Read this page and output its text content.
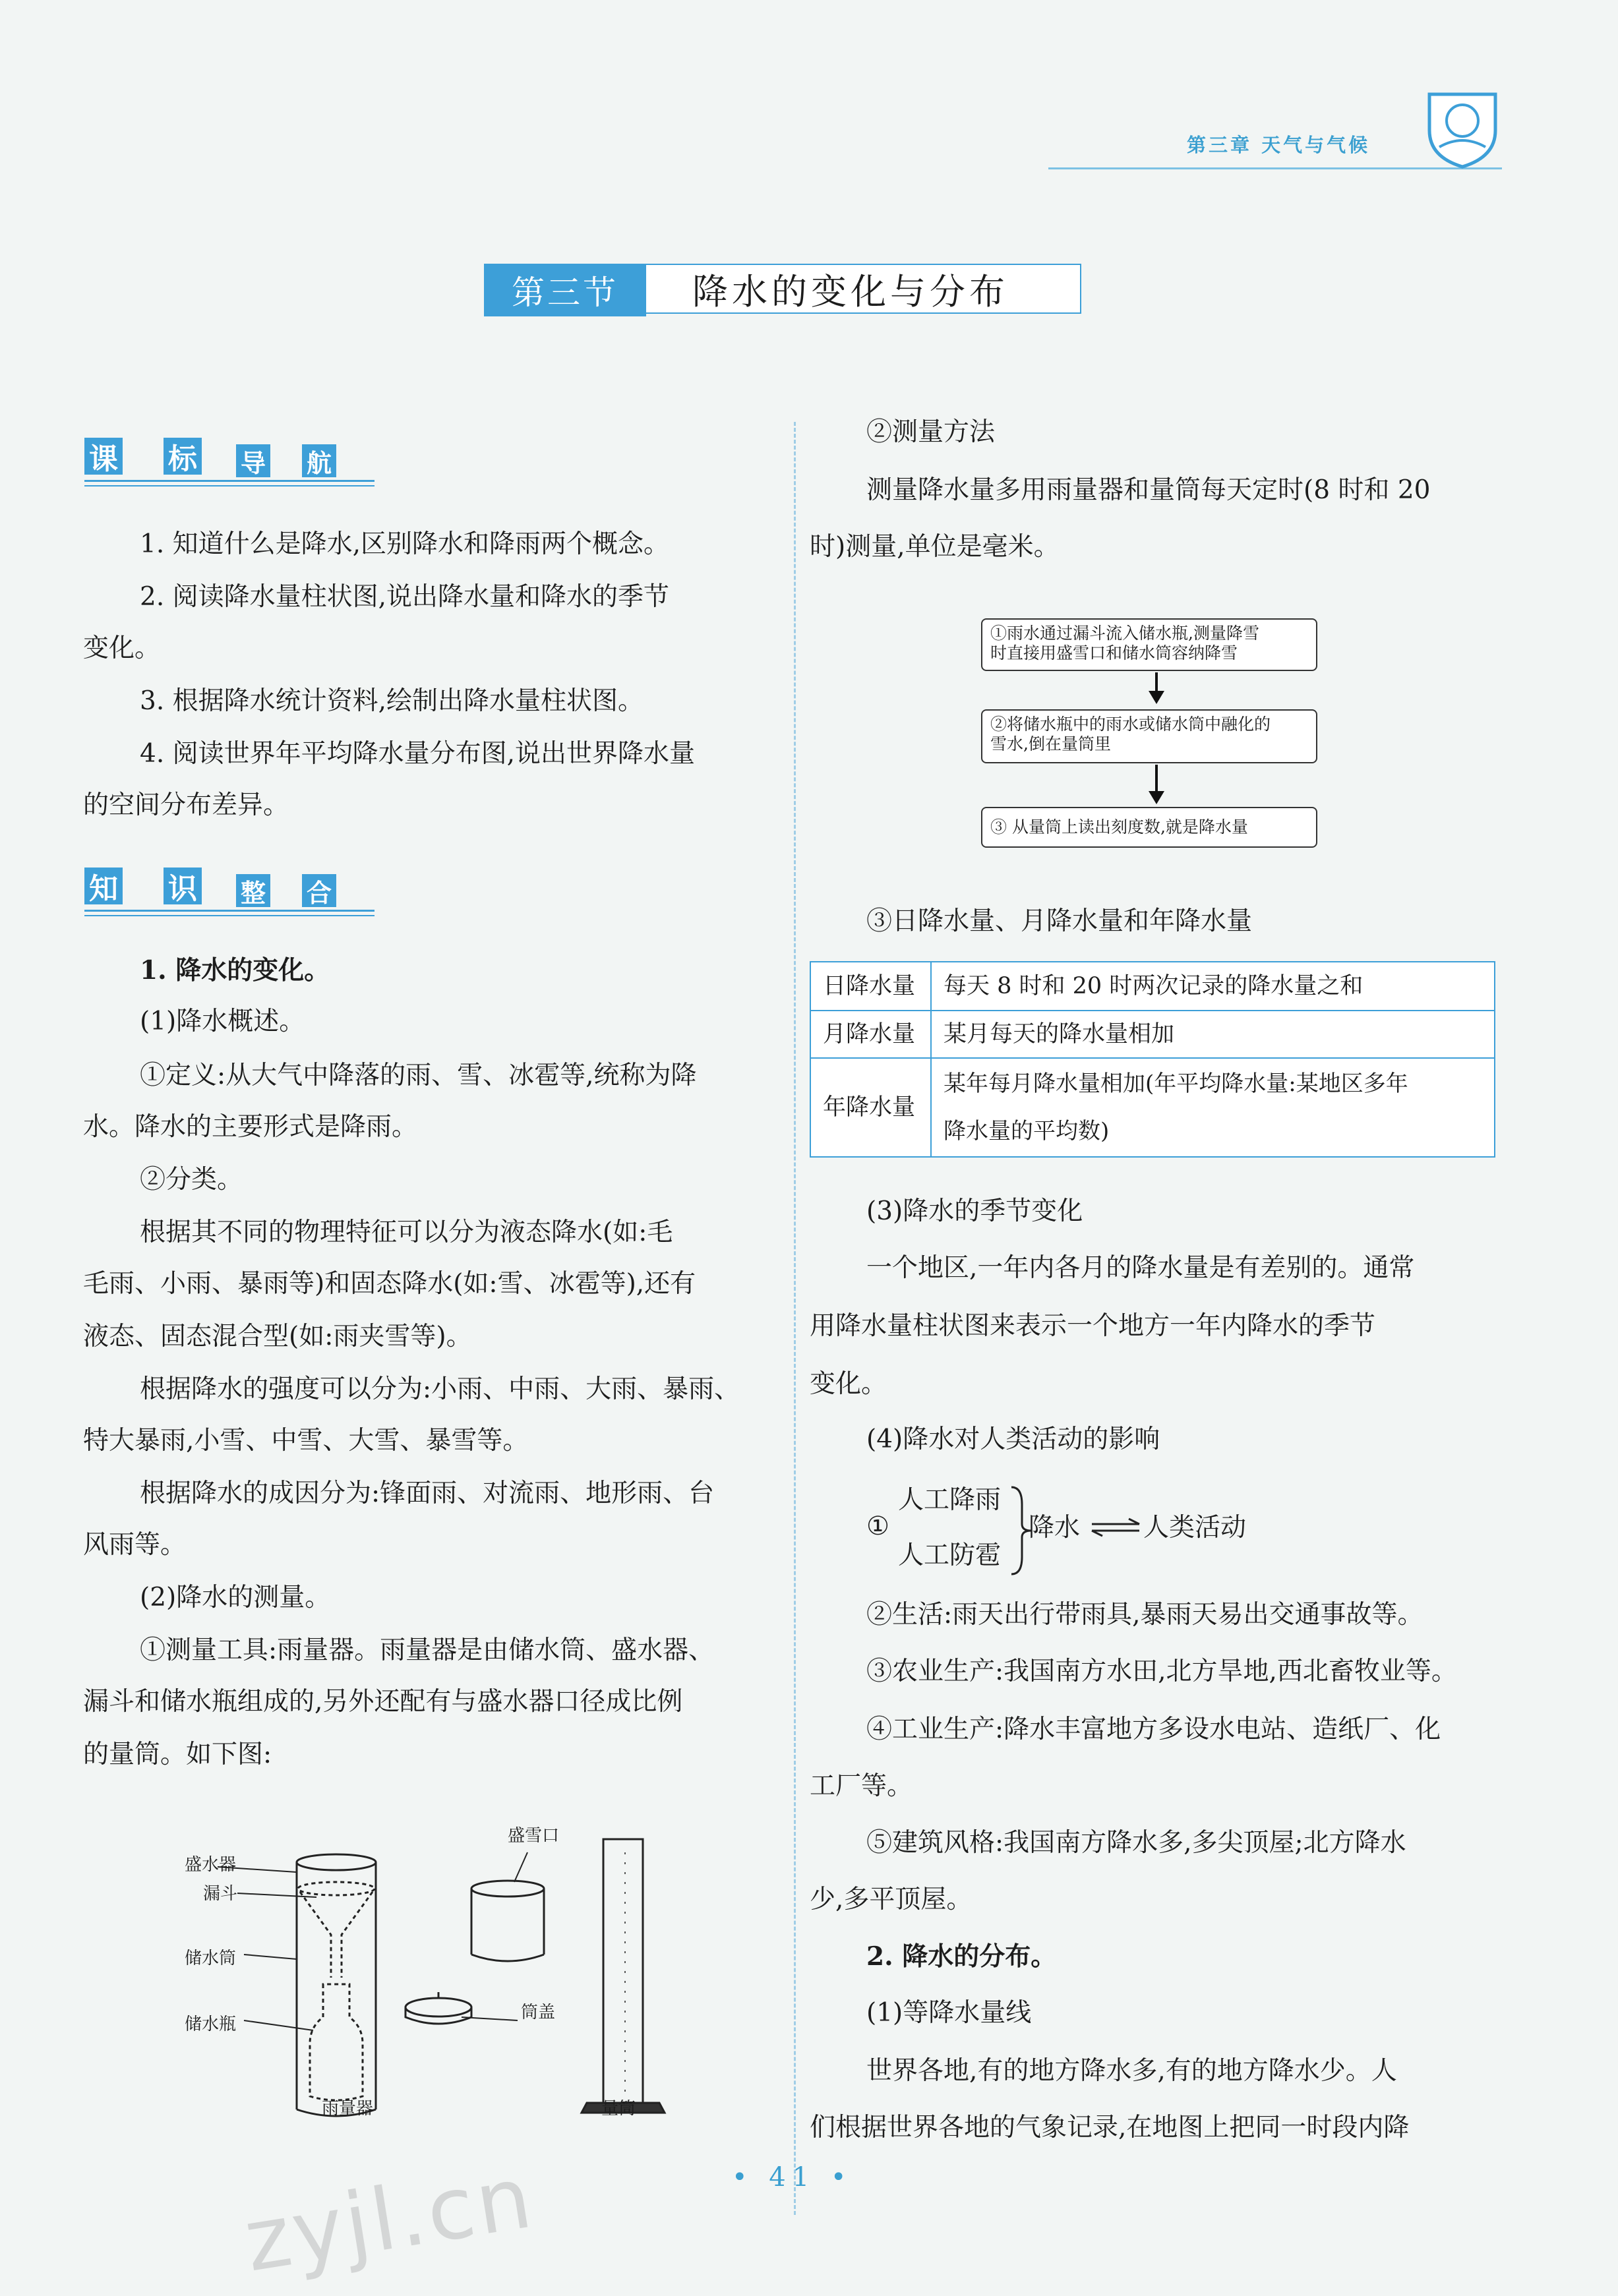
第三章 天气与气候
第三节	降水的变化与分布
课 标 导 航
1. 知道什么是降水,区别降水和降雨两个概念。
2. 阅读降水量柱状图,说出降水量和降水的季节
变化。
3. 根据降水统计资料,绘制出降水量柱状图。
4. 阅读世界年平均降水量分布图,说出世界降水量
的空间分布差异。
知 识 整 合
1. 降水的变化。
(1)降水概述。
①定义:从大气中降落的雨、雪、冰雹等,统称为降
水。降水的主要形式是降雨。
②分类。
根据其不同的物理特征可以分为液态降水(如:毛
毛雨、小雨、暴雨等)和固态降水(如:雪、冰雹等),还有
液态、固态混合型(如:雨夹雪等)。
根据降水的强度可以分为:小雨、中雨、大雨、暴雨、
特大暴雨,小雪、中雪、大雪、暴雪等。
根据降水的成因分为:锋面雨、对流雨、地形雨、台
风雨等。
(2)降水的测量。
①测量工具:雨量器。雨量器是由储水筒、盛水器、
漏斗和储水瓶组成的,另外还配有与盛水器口径成比例
的量筒。如下图:
盛水器
漏斗
储水筒
储水瓶
雨量器
盛雪口
筒盖
量筒
②测量方法
测量降水量多用雨量器和量筒每天定时(8 时和 20
时)测量,单位是毫米。
①雨水通过漏斗流入储水瓶,测量降雪
时直接用盛雪口和储水筒容纳降雪
②将储水瓶中的雨水或储水筒中融化的
雪水,倒在量筒里
③ 从量筒上读出刻度数,就是降水量
③日降水量、月降水量和年降水量
日降水量	每天 8 时和 20 时两次记录的降水量之和
月降水量	某月每天的降水量相加
年降水量	某年每月降水量相加(年平均降水量:某地区多年
降水量的平均数)
(3)降水的季节变化
一个地区,一年内各月的降水量是有差别的。通常
用降水量柱状图来表示一个地方一年内降水的季节
变化。
(4)降水对人类活动的影响
①
人工降雨
人工防雹
降水 人类活动
②生活:雨天出行带雨具,暴雨天易出交通事故等。
③农业生产:我国南方水田,北方旱地,西北畜牧业等。
④工业生产:降水丰富地方多设水电站、造纸厂、化
工厂等。
⑤建筑风格:我国南方降水多,多尖顶屋;北方降水
少,多平顶屋。
2. 降水的分布。
(1)等降水量线
世界各地,有的地方降水多,有的地方降水少。人
们根据世界各地的气象记录,在地图上把同一时段内降
• 41 •
zyjl.cn
